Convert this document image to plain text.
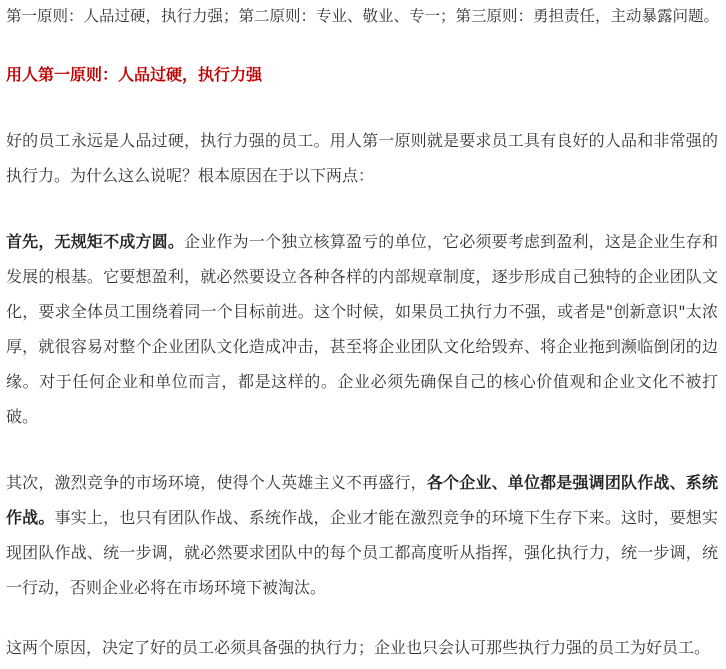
第一原则：人品过硬，执行力强；第二原则：专业、敬业、专一；第三原则：勇担责任，主动暴露问题。

用人第一原则：人品过硬，执行力强

好的员工永远是人品过硬，执行力强的员工。用人第一原则就是要求员工具有良好的人品和非常强的执行力。为什么这么说呢？根本原因在于以下两点：

首先，无规矩不成方圆。企业作为一个独立核算盈亏的单位，它必须要考虑到盈利，这是企业生存和发展的根基。它要想盈利，就必然要设立各种各样的内部规章制度，逐步形成自己独特的企业团队文化，要求全体员工围绕着同一个目标前进。这个时候，如果员工执行力不强，或者是"创新意识"太浓厚，就很容易对整个企业团队文化造成冲击，甚至将企业团队文化给毁弃、将企业拖到濒临倒闭的边缘。对于任何企业和单位而言，都是这样的。企业必须先确保自己的核心价值观和企业文化不被打破。

其次，激烈竞争的市场环境，使得个人英雄主义不再盛行，各个企业、单位都是强调团队作战、系统作战。事实上，也只有团队作战、系统作战，企业才能在激烈竞争的环境下生存下来。这时，要想实现团队作战、统一步调，就必然要求团队中的每个员工都高度听从指挥，强化执行力，统一步调，统一行动，否则企业必将在市场环境下被淘汰。

这两个原因，决定了好的员工必须具备强的执行力；企业也只会认可那些执行力强的员工为好员工。
